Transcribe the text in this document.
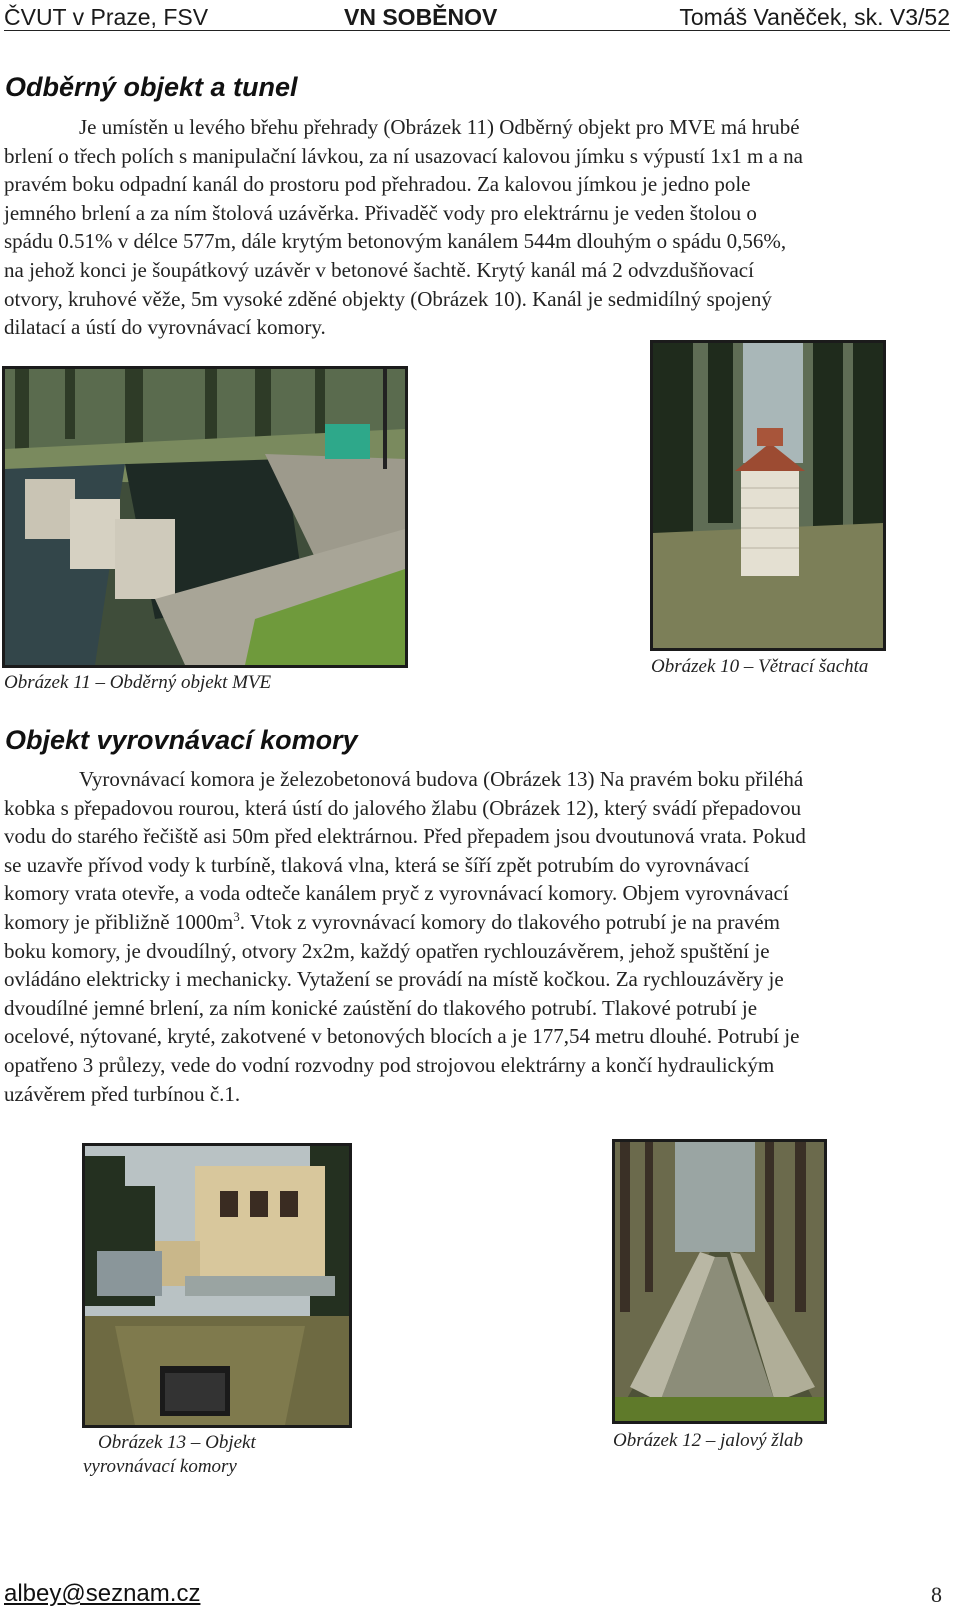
ČVUT v Praze, FSV	VN SOBĚNOV	Tomáš Vaněček, sk. V3/52
Odběrný objekt a tunel

Je umístěn u levého břehu přehrady (Obrázek 11) Odběrný objekt pro MVE má hrubé

brlení o třech polích s manipulační lávkou, za ní usazovací kalovou jímku s výpustí 1x1 m a na

pravém boku odpadní kanál do prostoru pod přehradou. Za kalovou jímkou je jedno pole

jemného brlení a za ním štolová uzávěrka. Přivaděč vody pro elektrárnu je veden štolou o

spádu 0.51% v délce 577m, dále krytým betonovým kanálem 544m dlouhým o spádu 0,56%,

na jehož konci je šoupátkový uzávěr v betonové šachtě. Krytý kanál má 2 odvzdušňovací

otvory, kruhové věže, 5m vysoké zděné objekty (Obrázek 10). Kanál je sedmidílný spojený

dilatací a ústí do vyrovnávací komory.

Obrázek 11 – Obděrný objekt MVE

Obrázek 10 – Větrací šachta

Objekt vyrovnávací komory

Vyrovnávací komora je železobetonová budova (Obrázek 13) Na pravém boku přiléhá

kobka s přepadovou rourou, která ústí do jalového žlabu (Obrázek 12), který svádí přepadovou

vodu do starého řečiště asi 50m před elektrárnou. Před přepadem jsou dvoutunová vrata. Pokud

se uzavře přívod vody k turbíně, tlaková vlna, která se šíří zpět potrubím do vyrovnávací

komory vrata otevře, a voda odteče kanálem pryč z vyrovnávací komory. Objem vyrovnávací

komory je přibližně $1000m^3$. Vtok z vyrovnávací komory do tlakového potrubí je na pravém

boku komory, je dvoudílný, otvory 2x2m, každý opatřen rychlouzávěrem, jehož spuštění je

ovládáno elektricky i mechanicky. Vytažení se provádí na místě kočkou. Za rychlouzávěry je

dvoudílné jemné brlení, za ním konické zaústění do tlakového potrubí. Tlakové potrubí je

ocelové, nýtované, kryté, zakotvené v betonových blocích a je 177,54 metru dlouhé. Potrubí je

opatřeno 3 průlezy, vede do vodní rozvodny pod strojovou elektrárny a končí hydraulickým

uzávěrem před turbínou č.1.

Obrázek 13 – Objekt

vyrovnávací komory

Obrázek 12 – jalový žlab

albey@seznam.cz	8
